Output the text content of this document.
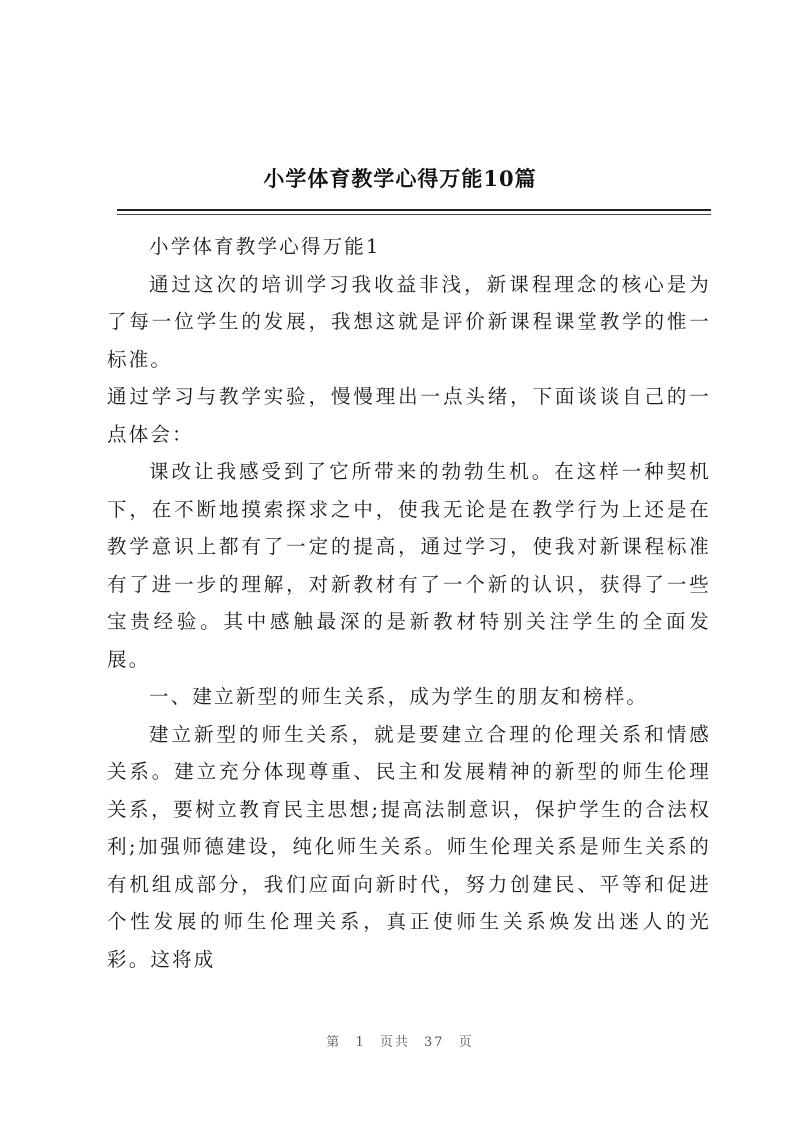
小学体育教学心得万能10篇

小学体育教学心得万能1

通过这次的培训学习我收益非浅，新课程理念的核心是为了每一位学生的发展，我想这就是评价新课程课堂教学的惟一标准。

通过学习与教学实验，慢慢理出一点头绪，下面谈谈自己的一点体会：

课改让我感受到了它所带来的勃勃生机。在这样一种契机下，在不断地摸索探求之中，使我无论是在教学行为上还是在教学意识上都有了一定的提高，通过学习，使我对新课程标准有了进一步的理解，对新教材有了一个新的认识，获得了一些宝贵经验。其中感触最深的是新教材特别关注学生的全面发展。

一、建立新型的师生关系，成为学生的朋友和榜样。

建立新型的师生关系，就是要建立合理的伦理关系和情感关系。建立充分体现尊重、民主和发展精神的新型的师生伦理关系，要树立教育民主思想;提高法制意识，保护学生的合法权利;加强师德建设，纯化师生关系。师生伦理关系是师生关系的有机组成部分，我们应面向新时代，努力创建民、平等和促进个性发展的师生伦理关系，真正使师生关系焕发出迷人的光彩。这将成

第 1 页共 37 页
